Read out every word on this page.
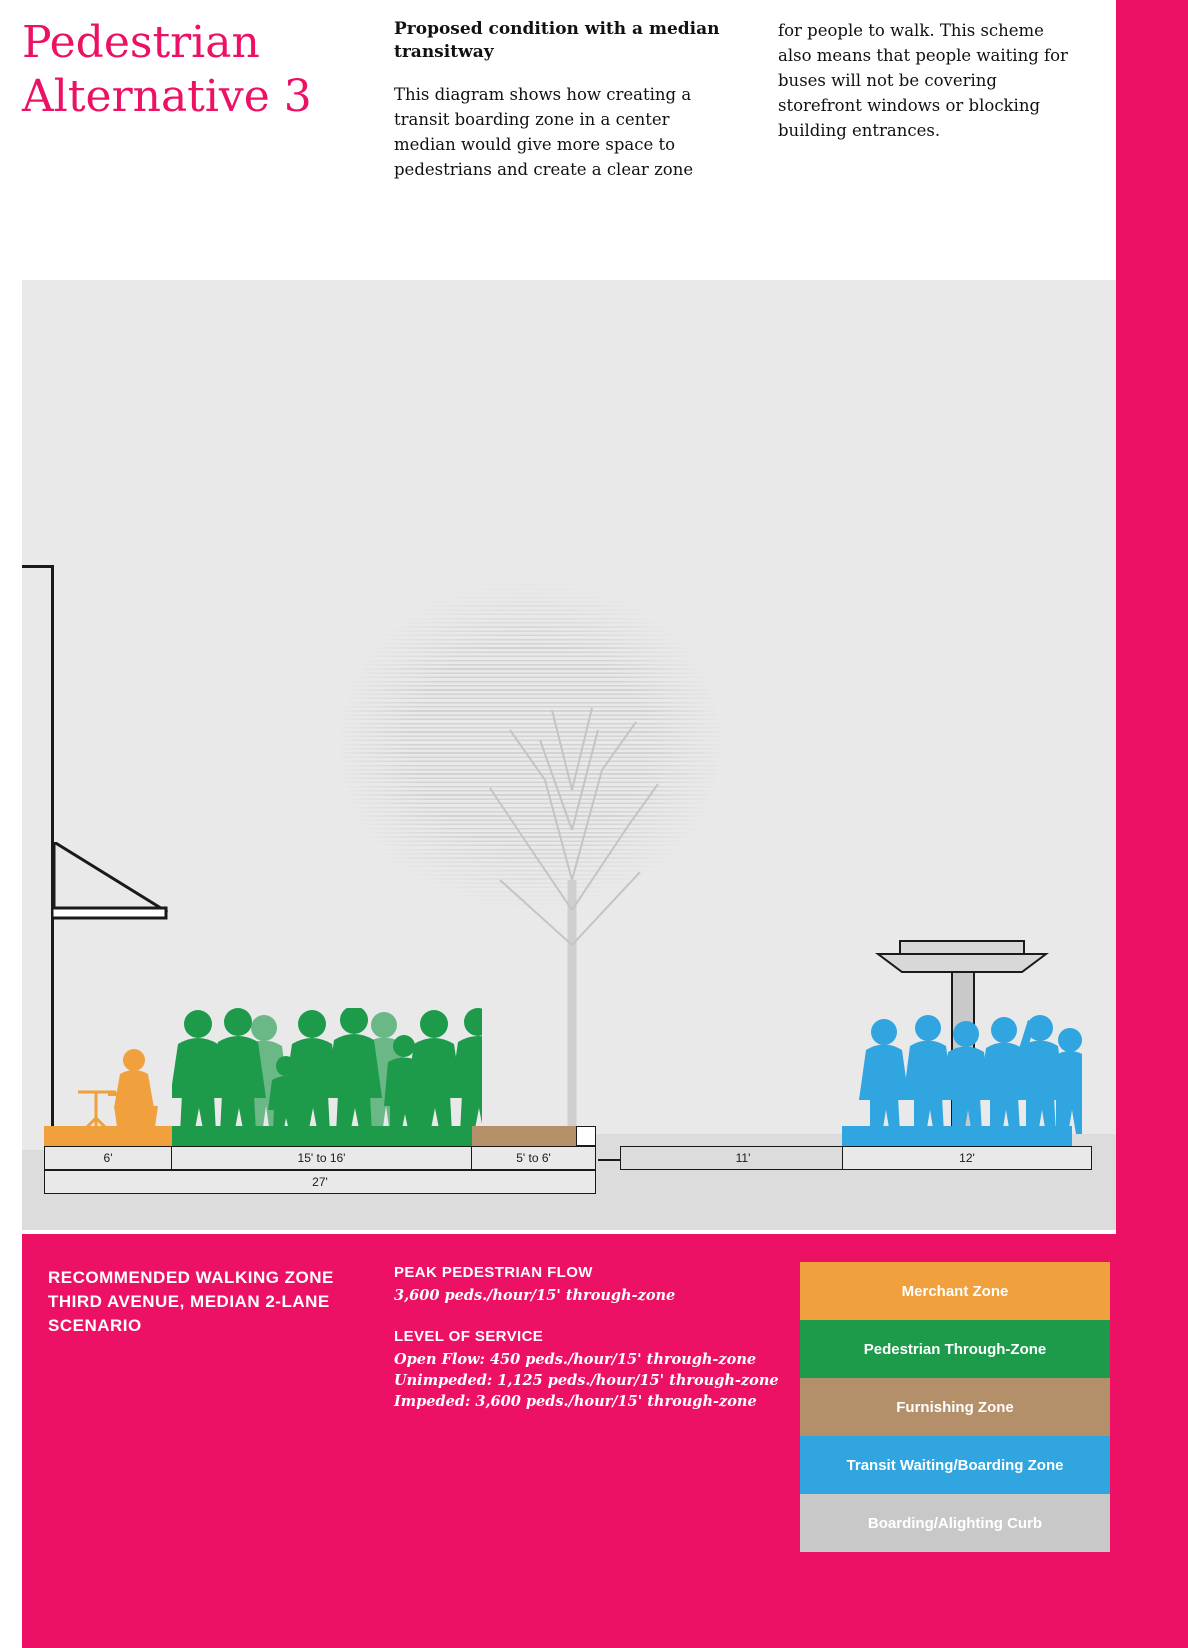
Pedestrian Alternative 3

Proposed condition with a median transitway

This diagram shows how creating a transit boarding zone in a center median would give more space to pedestrians and create a clear zone

for people to walk. This scheme also means that people waiting for buses will not be covering storefront windows or blocking building entrances.

6'	15' to 16'	5' to 6'	11'	12'
27'
RECOMMENDED WALKING ZONE THIRD AVENUE, MEDIAN 2-LANE SCENARIO

PEAK PEDESTRIAN FLOW

3,600 peds./hour/15' through-zone

LEVEL OF SERVICE

Open Flow: 450 peds./hour/15' through-zone

Unimpeded: 1,125 peds./hour/15' through-zone

Impeded: 3,600 peds./hour/15' through-zone

Merchant Zone
Pedestrian Through-Zone
Furnishing Zone
Transit Waiting/Boarding Zone
Boarding/Alighting Curb
